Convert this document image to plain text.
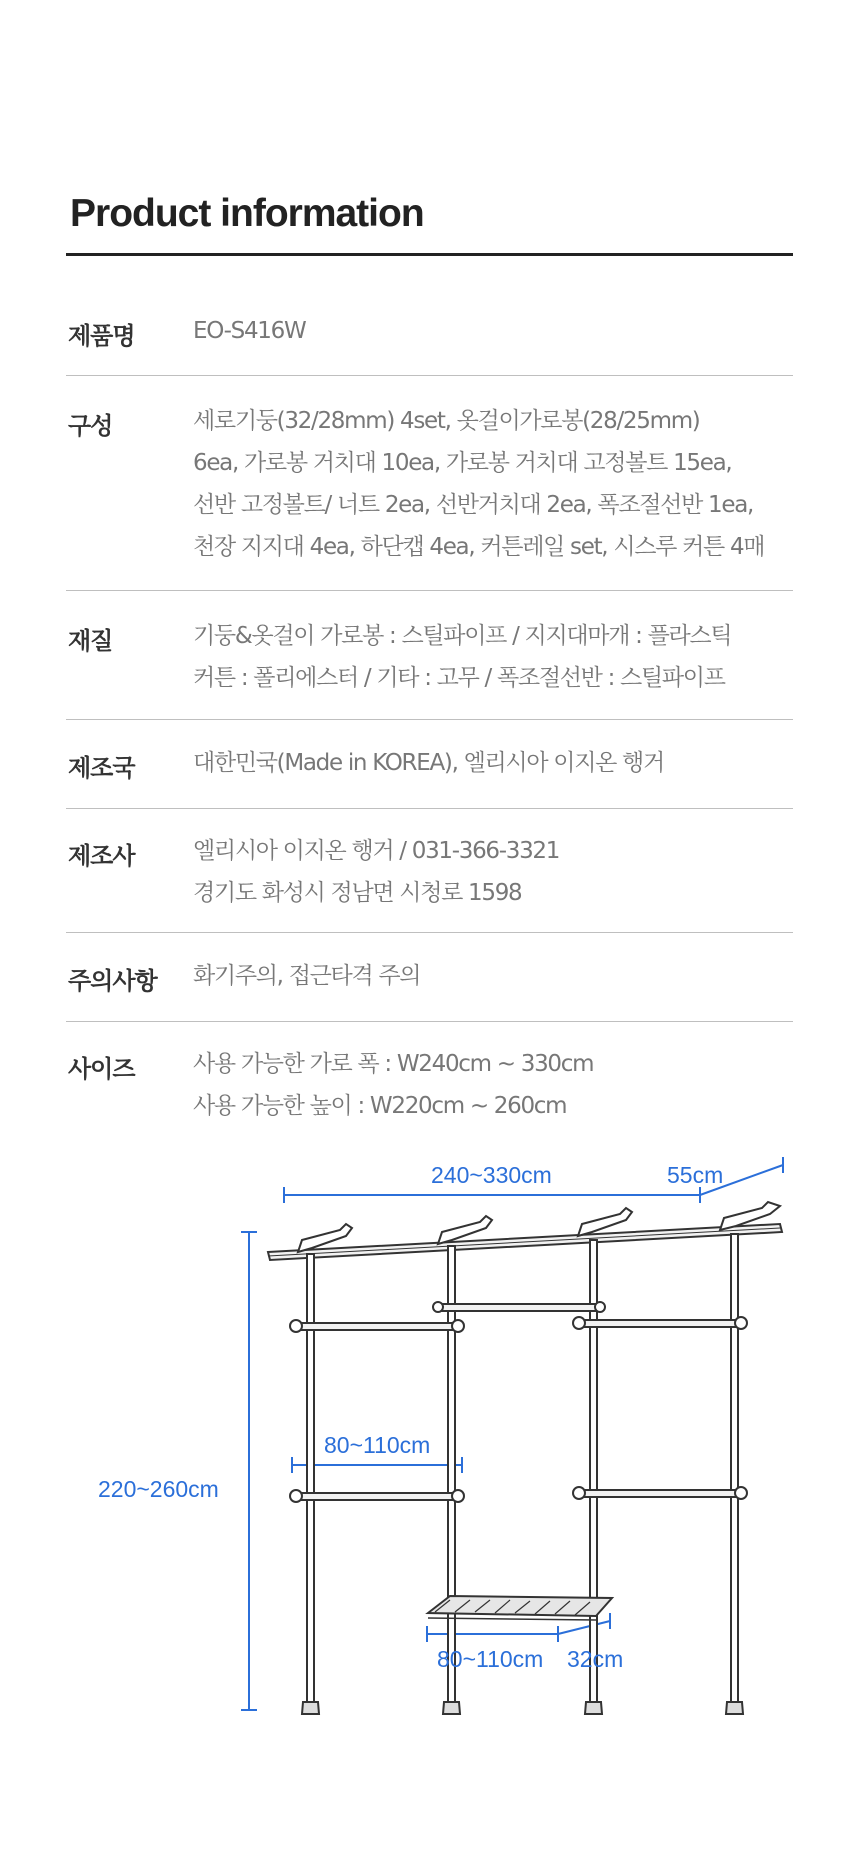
Product information
제품명	EO-S416W
구성	세로기둥(32/28mm) 4set, 옷걸이가로봉(28/25mm)
6ea, 가로봉 거치대 10ea, 가로봉 거치대 고정볼트 15ea,
선반 고정볼트/ 너트 2ea, 선반거치대 2ea, 폭조절선반 1ea,
천장 지지대 4ea, 하단캡 4ea, 커튼레일 set, 시스루 커튼 4매
재질	기둥&옷걸이 가로봉 : 스틸파이프 / 지지대마개 : 플라스틱
커튼 : 폴리에스터 / 기타 : 고무 / 폭조절선반 : 스틸파이프
제조국	대한민국(Made in KOREA), 엘리시아 이지온 행거
제조사	엘리시아 이지온 행거 / 031-366-3321
경기도 화성시 정남면 시청로 1598
주의사항 화기주의, 접근타격 주의
사이즈	사용 가능한 가로 폭 : W240cm ~ 330cm
사용 가능한 높이 : W220cm ~ 260cm
240~330cm	55cm
220~260cm
80~110cm
80~110cm 32cm
